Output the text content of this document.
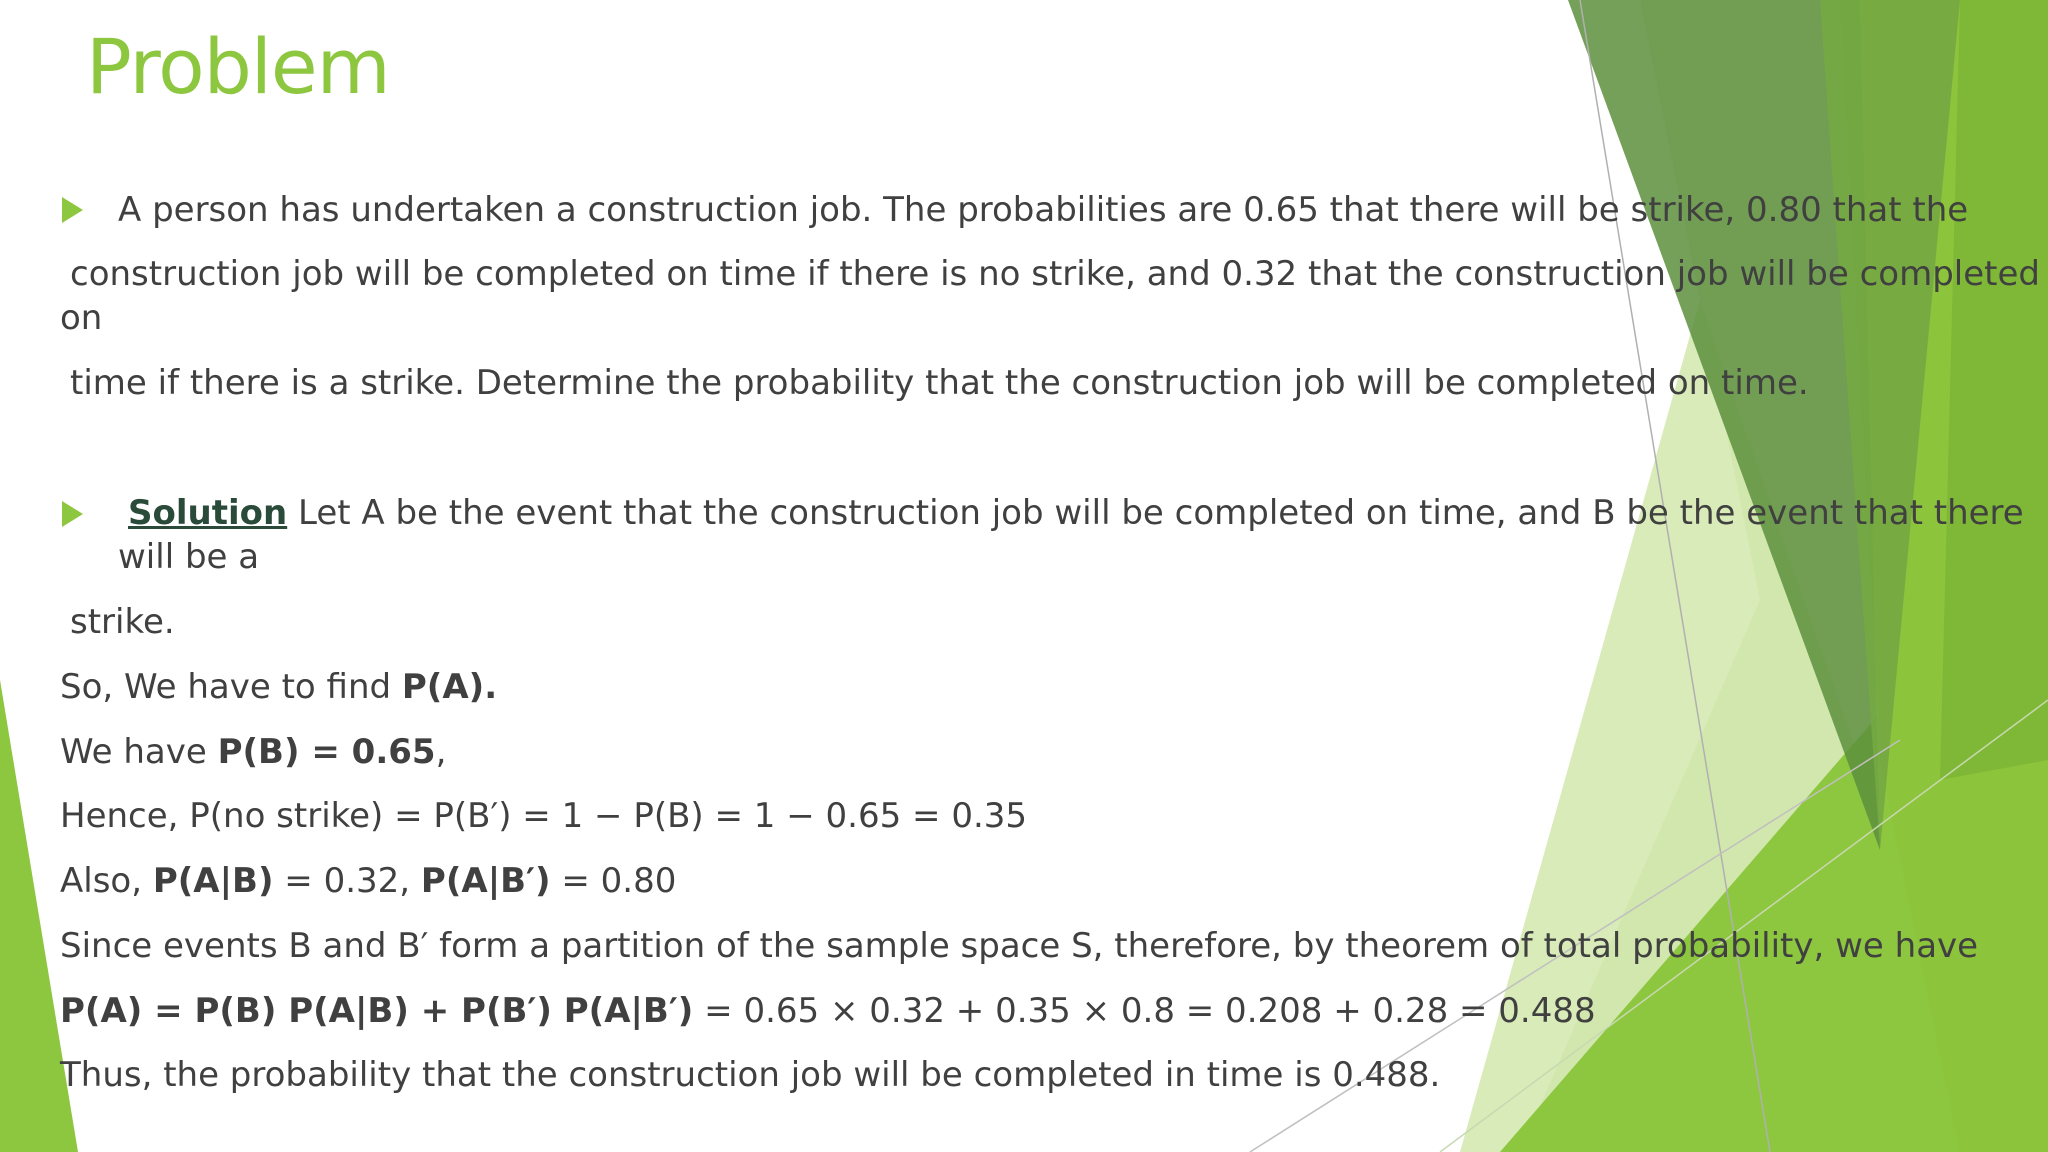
Problem
A person has undertaken a construction job. The probabilities are 0.65 that there will be strike, 0.80 that the
construction job will be completed on time if there is no strike, and 0.32 that the construction job will be completed
on
time if there is a strike. Determine the probability that the construction job will be completed on time.
Solution Let A be the event that the construction job will be completed on time, and B be the event that there
will be a
strike.
So, We have to find P(A).
We have P(B) = 0.65,
Hence, P(no strike) = P(B′) = 1 − P(B) = 1 − 0.65 = 0.35
Also, P(A|B) = 0.32, P(A|B′) = 0.80
Since events B and B′ form a partition of the sample space S, therefore, by theorem of total probability, we have
P(A) = P(B) P(A|B) + P(B′) P(A|B′) = 0.65 × 0.32 + 0.35 × 0.8 = 0.208 + 0.28 = 0.488
Thus, the probability that the construction job will be completed in time is 0.488.
